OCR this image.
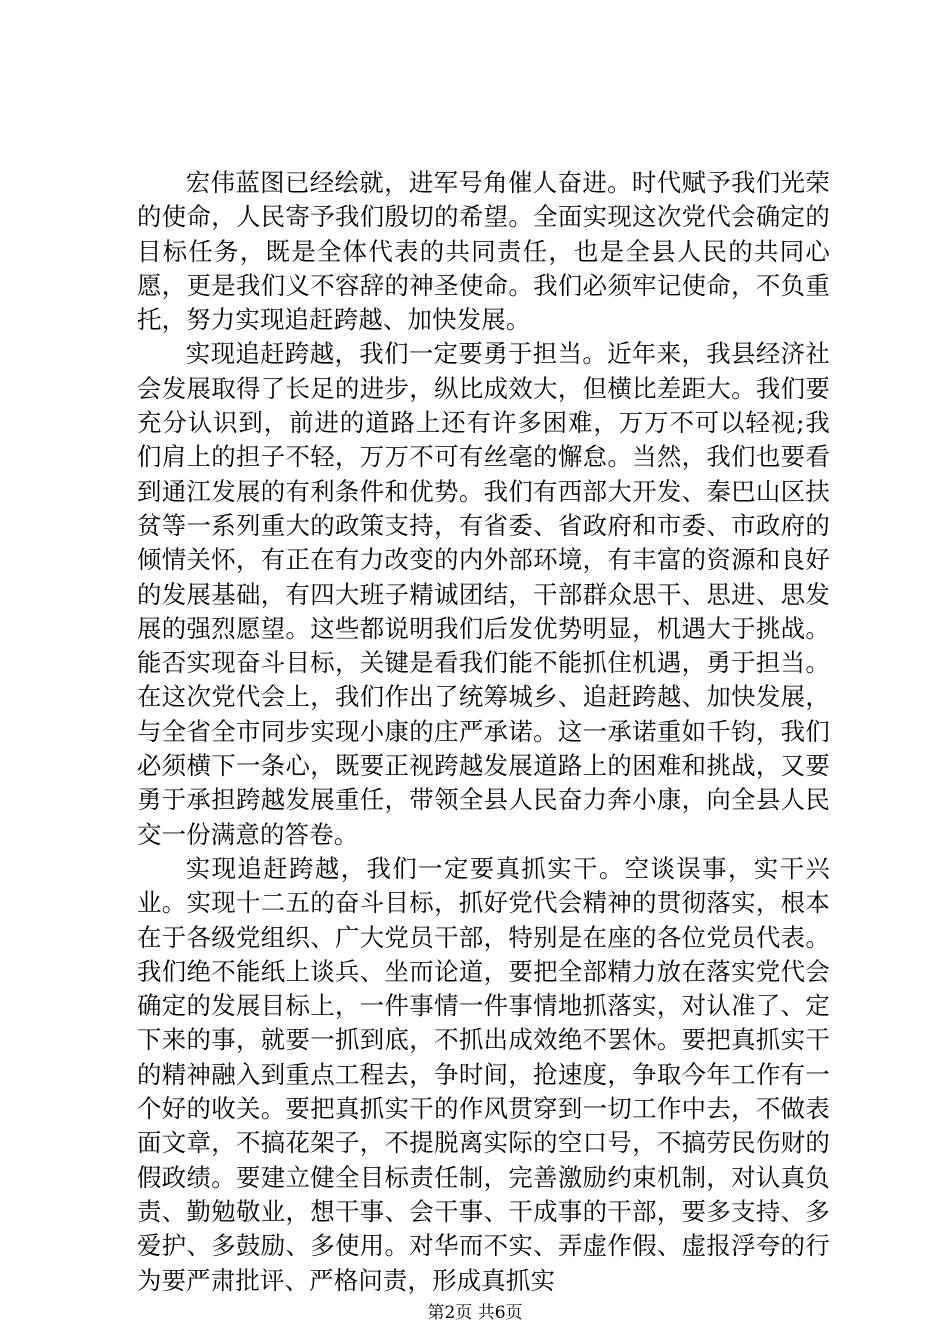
宏伟蓝图已经绘就，进军号角催人奋进。时代赋予我们光荣的使命，人民寄予我们殷切的希望。全面实现这次党代会确定的目标任务，既是全体代表的共同责任，也是全县人民的共同心愿，更是我们义不容辞的神圣使命。我们必须牢记使命，不负重托，努力实现追赶跨越、加快发展。

实现追赶跨越，我们一定要勇于担当。近年来，我县经济社会发展取得了长足的进步，纵比成效大，但横比差距大。我们要充分认识到，前进的道路上还有许多困难，万万不可以轻视;我们肩上的担子不轻，万万不可有丝毫的懈怠。当然，我们也要看到通江发展的有利条件和优势。我们有西部大开发、秦巴山区扶贫等一系列重大的政策支持，有省委、省政府和市委、市政府的倾情关怀，有正在有力改变的内外部环境，有丰富的资源和良好的发展基础，有四大班子精诚团结，干部群众思干、思进、思发展的强烈愿望。这些都说明我们后发优势明显，机遇大于挑战。能否实现奋斗目标，关键是看我们能不能抓住机遇，勇于担当。在这次党代会上，我们作出了统筹城乡、追赶跨越、加快发展，与全省全市同步实现小康的庄严承诺。这一承诺重如千钧，我们必须横下一条心，既要正视跨越发展道路上的困难和挑战，又要勇于承担跨越发展重任，带领全县人民奋力奔小康，向全县人民交一份满意的答卷。

实现追赶跨越，我们一定要真抓实干。空谈误事，实干兴业。实现十二五的奋斗目标，抓好党代会精神的贯彻落实，根本在于各级党组织、广大党员干部，特别是在座的各位党员代表。我们绝不能纸上谈兵、坐而论道，要把全部精力放在落实党代会确定的发展目标上，一件事情一件事情地抓落实，对认准了、定下来的事，就要一抓到底，不抓出成效绝不罢休。要把真抓实干的精神融入到重点工程去，争时间，抢速度，争取今年工作有一个好的收关。要把真抓实干的作风贯穿到一切工作中去，不做表面文章，不搞花架子，不提脱离实际的空口号，不搞劳民伤财的假政绩。要建立健全目标责任制，完善激励约束机制，对认真负责、勤勉敬业，想干事、会干事、干成事的干部，要多支持、多爱护、多鼓励、多使用。对华而不实、弄虚作假、虚报浮夸的行为要严肃批评、严格问责，形成真抓实

第2页 共6页
